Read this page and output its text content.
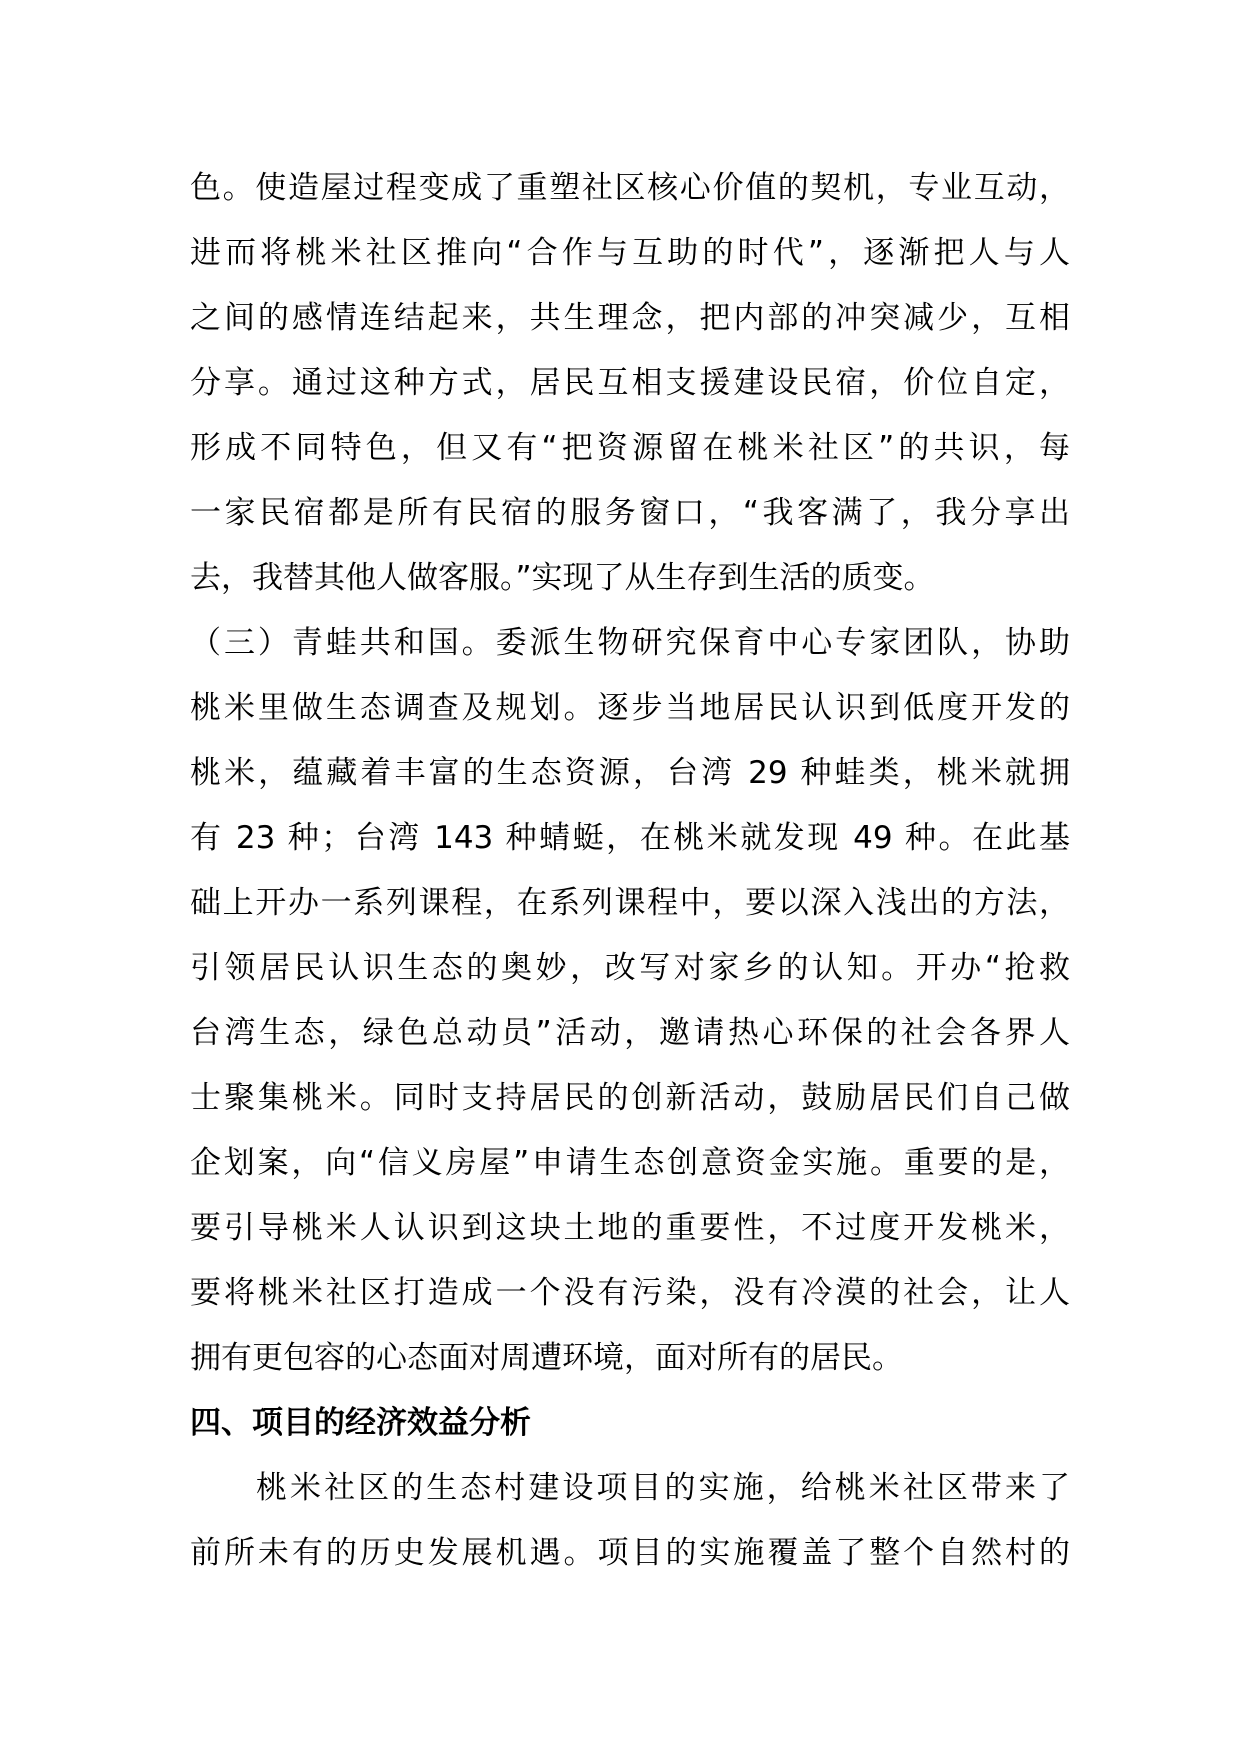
色。使造屋过程变成了重塑社区核心价值的契机，专业互动，
进而将桃米社区推向“合作与互助的时代”，逐渐把人与人
之间的感情连结起来，共生理念，把内部的冲突减少，互相
分享。通过这种方式，居民互相支援建设民宿，价位自定，
形成不同特色，但又有“把资源留在桃米社区”的共识，每
一家民宿都是所有民宿的服务窗口，“我客满了，我分享出
去，我替其他人做客服。”实现了从生存到生活的质变。
（三）青蛙共和国。委派生物研究保育中心专家团队，协助
桃米里做生态调查及规划。逐步当地居民认识到低度开发的
桃米，蕴藏着丰富的生态资源，台湾 29 种蛙类，桃米就拥
有 23 种；台湾 143 种蜻蜓，在桃米就发现 49 种。在此基
础上开办一系列课程，在系列课程中，要以深入浅出的方法，
引领居民认识生态的奥妙，改写对家乡的认知。开办“抢救
台湾生态，绿色总动员”活动，邀请热心环保的社会各界人
士聚集桃米。同时支持居民的创新活动，鼓励居民们自己做
企划案，向“信义房屋”申请生态创意资金实施。重要的是，
要引导桃米人认识到这块土地的重要性，不过度开发桃米，
要将桃米社区打造成一个没有污染，没有冷漠的社会，让人
拥有更包容的心态面对周遭环境，面对所有的居民。
四、项目的经济效益分析
桃米社区的生态村建设项目的实施，给桃米社区带来了
前所未有的历史发展机遇。项目的实施覆盖了整个自然村的
